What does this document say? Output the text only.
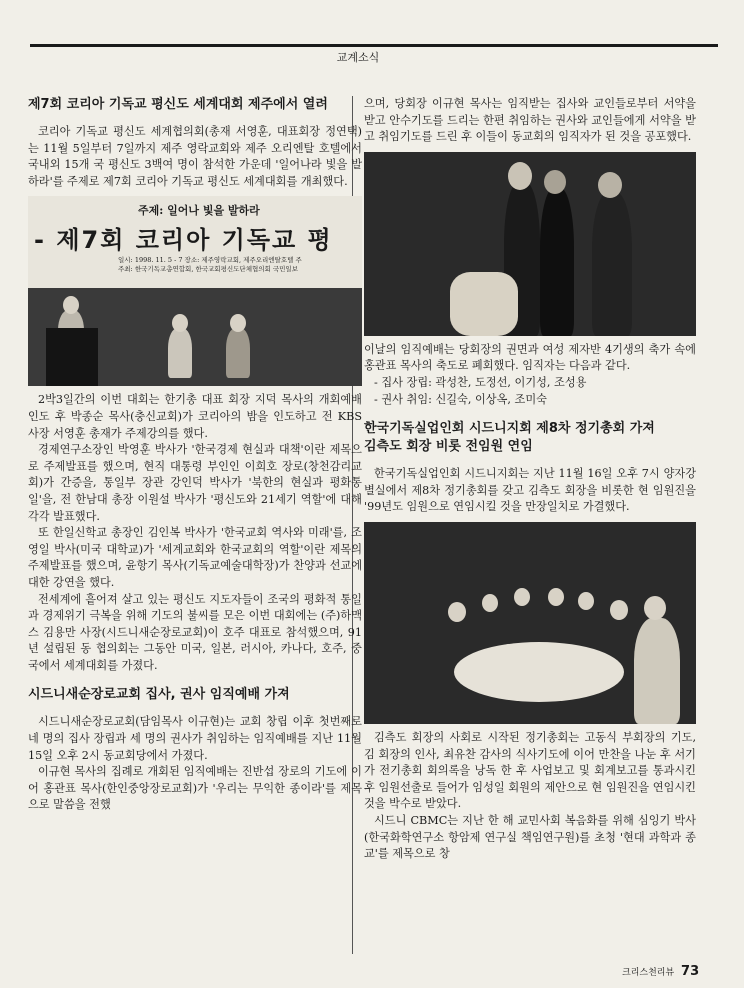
교계소식
제7회 코리아 기독교 평신도 세계대회 제주에서 열려

코리아 기독교 평신도 세계협의회(총재 서영훈, 대표회장 정연택)는 11월 5일부터 7일까지 제주 영락교회와 제주 오리엔탈 호텔에서 국내외 15개 국 평신도 3백여 명이 참석한 가운데 '일어나라 빛을 발하라'를 주제로 제7회 코리아 기독교 평신도 세계대회를 개최했다.

주제: 일어나 빛을 발하라
- 제7회 코리아 기독교 평
일시: 1998. 11. 5 - 7 장소: 제주영락교회, 제주오리엔탈호텔 주
주최: 한국기독교총연합회, 한국교회평신도단체협의회 국민일보

2박3일간의 이번 대회는 한기총 대표 회장 지덕 목사의 개회예배 인도 후 박종순 목사(충신교회)가 코리아의 밤을 인도하고 전 KBS 사장 서영훈 총재가 주제강의를 했다.

경제연구소장인 박영훈 박사가 '한국경제 현실과 대책'이란 제목으로 주제발표를 했으며, 현직 대통령 부인인 이희호 장로(창천감리교회)가 간증을, 통일부 장관 강인덕 박사가 '북한의 현실과 평화통일'을, 전 한남대 총장 이원설 박사가 '평신도와 21세기 역할'에 대해 각각 발표했다.

또 한일신학교 총장인 김인복 박사가 '한국교회 역사와 미래'를, 조영일 박사(미국 대학교)가 '세계교회와 한국교회의 역할'이란 제목의 주제발표를 했으며, 윤항기 목사(기독교예술대학장)가 찬양과 선교에 대한 강연을 했다.

전세계에 흩어져 살고 있는 평신도 지도자들이 조국의 평화적 통일과 경제위기 극복을 위해 기도의 불씨를 모은 이번 대회에는 (주)하맥스 김용만 사장(시드니새순장로교회)이 호주 대표로 참석했으며, 91년 설립된 동 협의회는 그동안 미국, 일본, 러시아, 카나다, 호주, 중국에서 세계대회를 가졌다.

시드니새순장로교회 집사, 권사 임직예배 가져

시드니새순장로교회(담임목사 이규현)는 교회 창립 이후 첫번째로 네 명의 집사 장립과 세 명의 권사가 취임하는 임직예배를 지난 11월 15일 오후 2시 동교회당에서 가졌다.

이규현 목사의 집례로 개회된 임직예배는 진반섭 장로의 기도에 이어 홍관표 목사(한인중앙장로교회)가 '우리는 무익한 종이라'를 제목으로 말씀을 전했

으며, 당회장 이규현 목사는 임직받는 집사와 교인들로부터 서약을 받고 안수기도를 드리는 한편 취임하는 권사와 교인들에게 서약을 받고 취임기도를 드린 후 이들이 동교회의 임직자가 된 것을 공포했다.

이날의 임직예배는 당회장의 권면과 여성 제자반 4기생의 축가 속에 홍관표 목사의 축도로 폐회했다. 임직자는 다음과 같다.

- 집사 장립: 곽성찬, 도정선, 이기성, 조성용

- 권사 취임: 신길숙, 이상옥, 조미숙

한국기독실업인회 시드니지회 제8차 정기총회 가져
김측도 회장 비롯 전임원 연임

한국기독실업인회 시드니지회는 지난 11월 16일 오후 7시 양자강 별실에서 제8차 정기총회를 갖고 김측도 회장을 비롯한 현 임원진을 '99년도 임원으로 연임시킬 것을 만장일치로 가결했다.

김측도 회장의 사회로 시작된 정기총회는 고동식 부회장의 기도, 김 회장의 인사, 최유찬 감사의 식사기도에 이어 만찬을 나눈 후 서기가 전기총회 회의록을 낭독 한 후 사업보고 및 회계보고를 통과시킨 후 임원선출로 들어가 임성일 회원의 제안으로 현 임원진을 연임시킨 것을 박수로 받았다.

시드니 CBMC는 지난 한 해 교민사회 복음화를 위해 심잉기 박사(한국화학연구소 항암제 연구실 책임연구원)를 초청 '현대 과학과 종교'를 제목으로 창

크리스천리뷰 73
